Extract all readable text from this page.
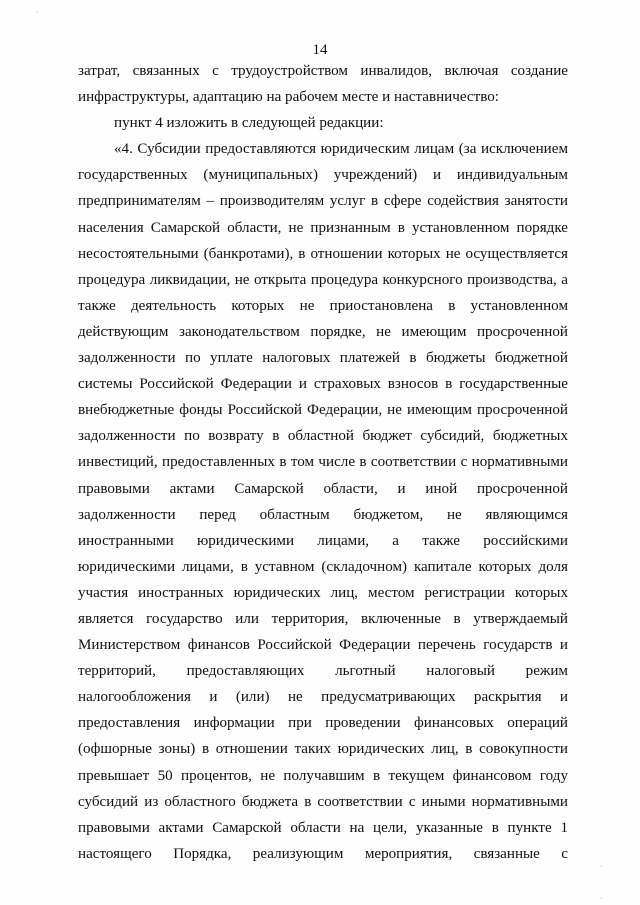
·
·
·
14
затрат, связанных с трудоустройством инвалидов, включая создание
инфраструктуры, адаптацию на рабочем месте и наставничество:
пункт 4 изложить в следующей редакции:
«4. Субсидии предоставляются юридическим лицам (за исключением
государственных (муниципальных) учреждений) и индивидуальным
предпринимателям – производителям услуг в сфере содействия занятости
населения Самарской области, не признанным в установленном порядке
несостоятельными (банкротами), в отношении которых не осуществляется
процедура ликвидации, не открыта процедура конкурсного производства, а
также деятельность которых не приостановлена в установленном
действующим законодательством порядке, не имеющим просроченной
задолженности по уплате налоговых платежей в бюджеты бюджетной
системы Российской Федерации и страховых взносов в государственные
внебюджетные фонды Российской Федерации, не имеющим просроченной
задолженности по возврату в областной бюджет субсидий, бюджетных
инвестиций, предоставленных в том числе в соответствии с нормативными
правовыми актами Самарской области, и иной просроченной
задолженности перед областным бюджетом, не являющимся
иностранными юридическими лицами, а также российскими
юридическими лицами, в уставном (складочном) капитале которых доля
участия иностранных юридических лиц, местом регистрации которых
является государство или территория, включенные в утверждаемый
Министерством финансов Российской Федерации перечень государств и
территорий, предоставляющих льготный налоговый режим
налогообложения и (или) не предусматривающих раскрытия и
предоставления информации при проведении финансовых операций
(офшорные зоны) в отношении таких юридических лиц, в совокупности
превышает 50 процентов, не получавшим в текущем финансовом году
субсидий из областного бюджета в соответствии с иными нормативными
правовыми актами Самарской области на цели, указанные в пункте 1
настоящего Порядка, реализующим мероприятия, связанные с
